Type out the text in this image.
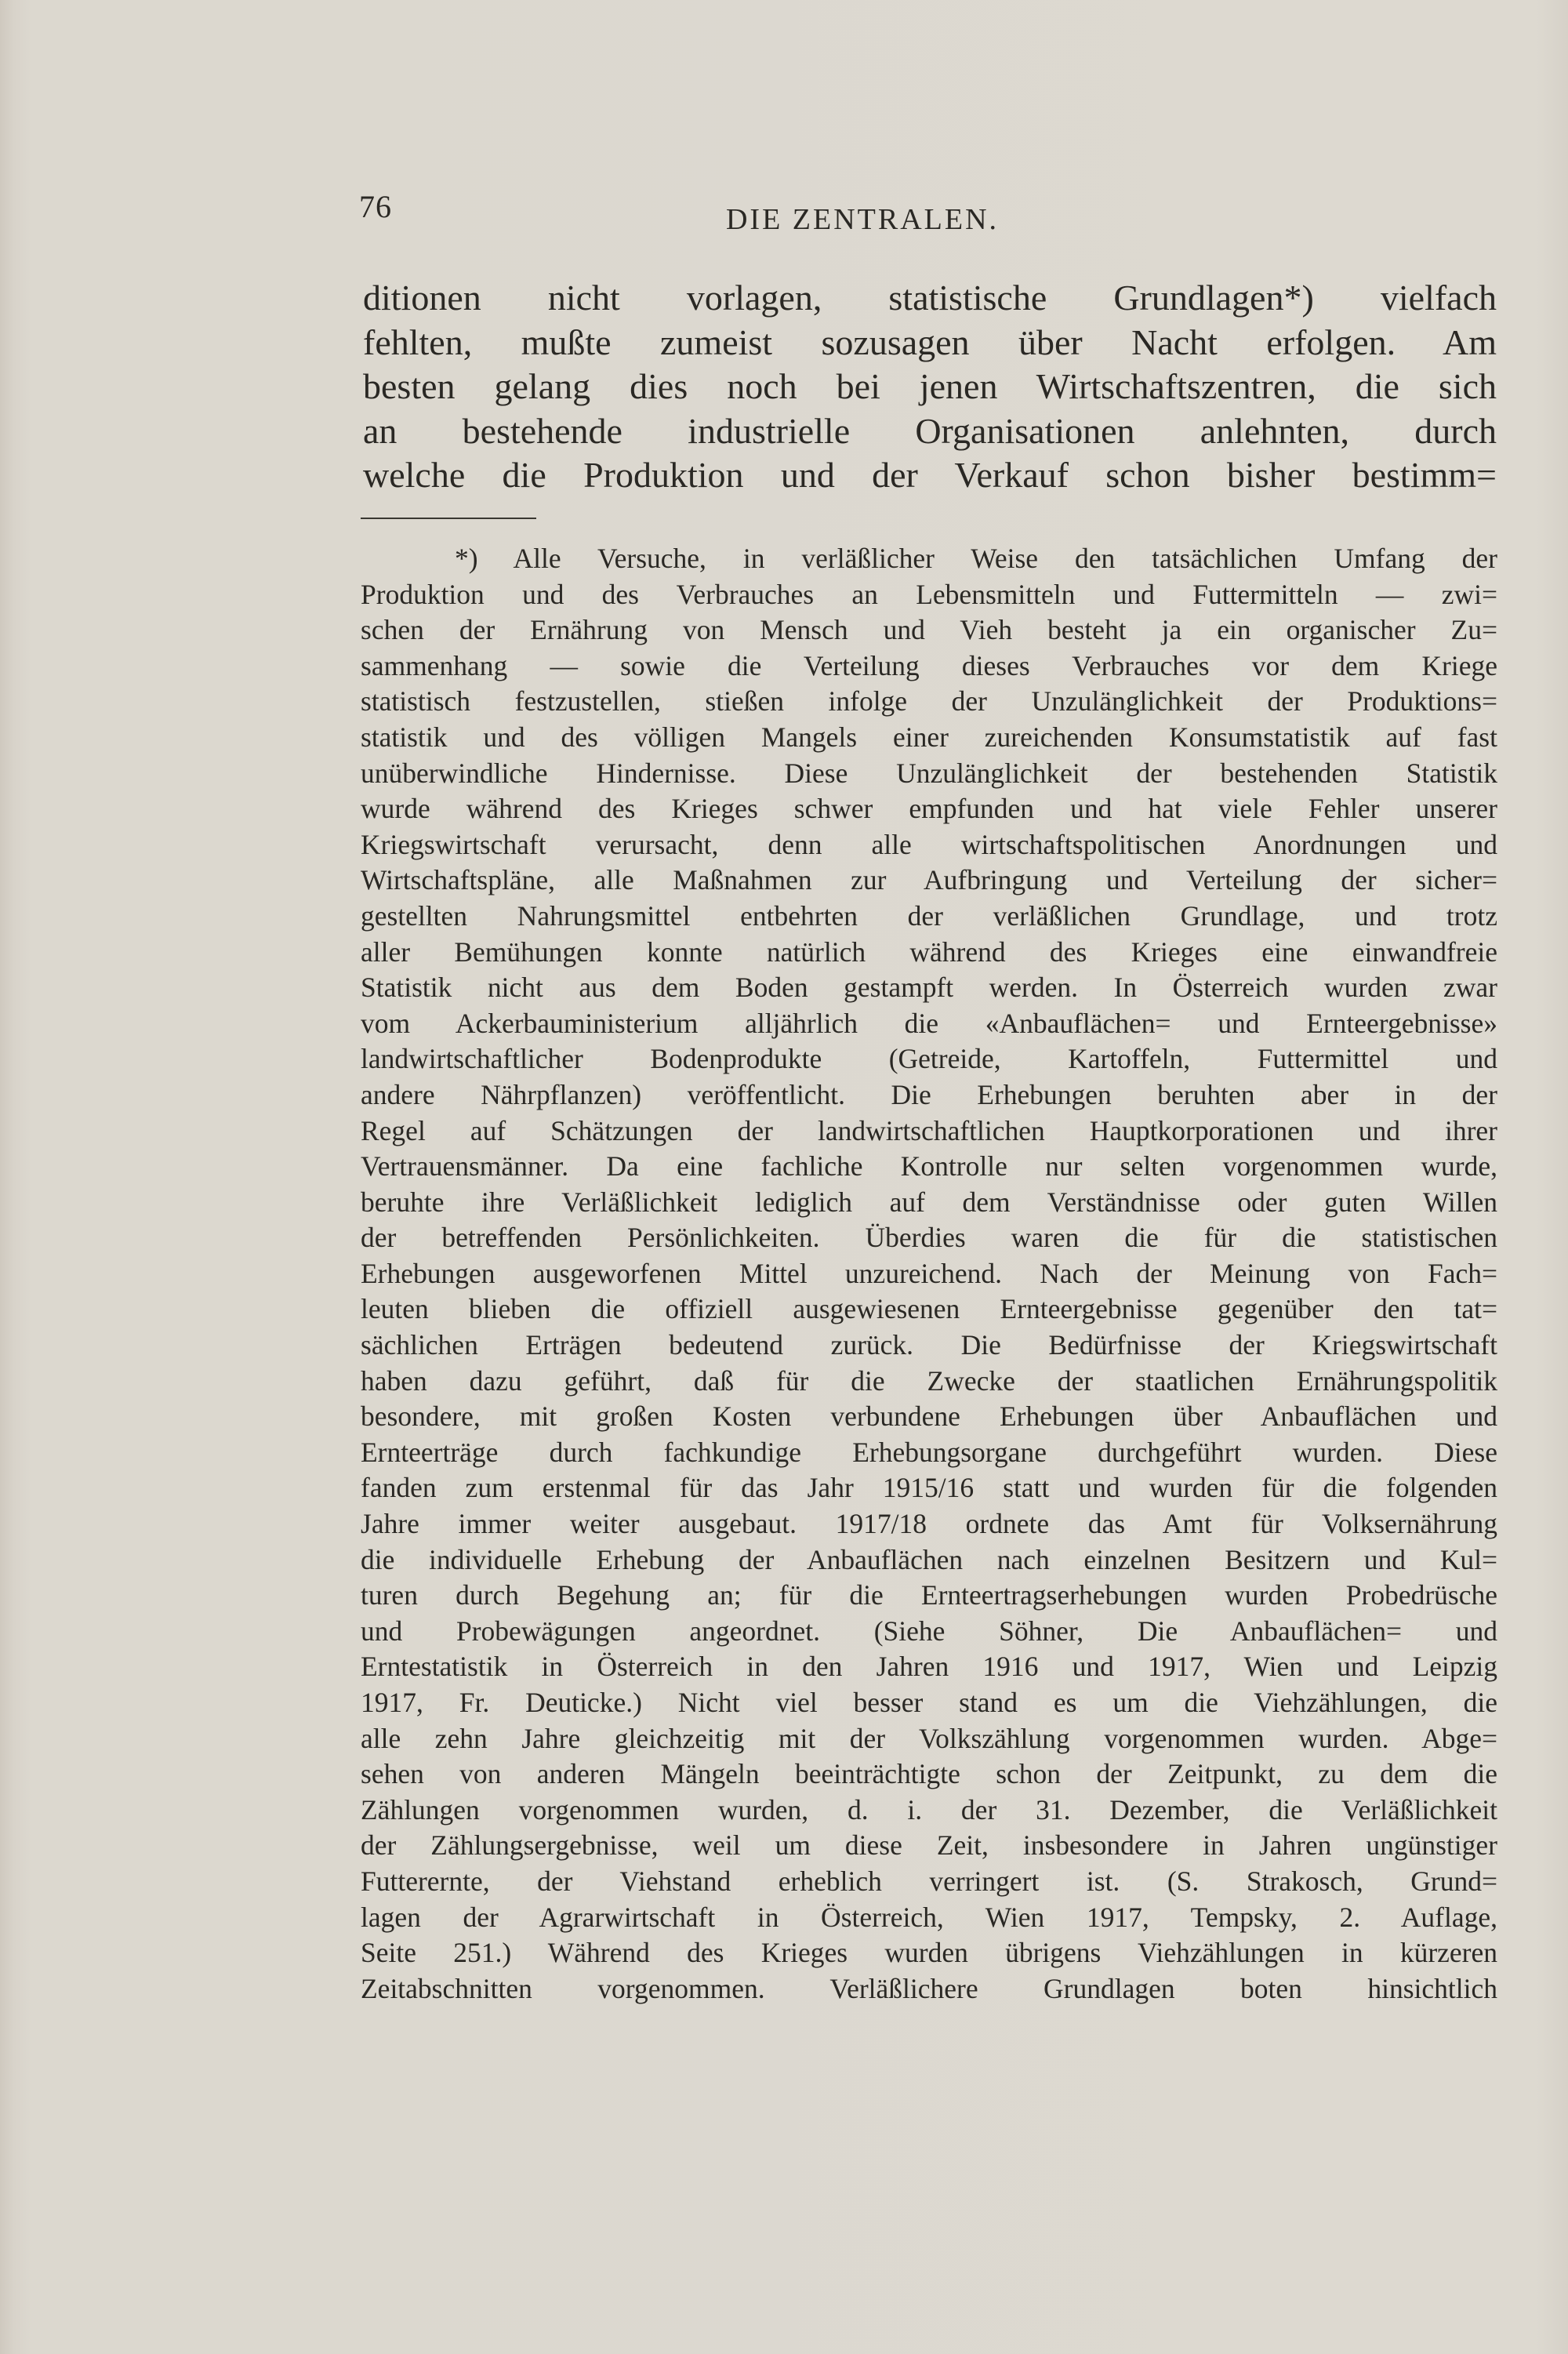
76	DIE ZENTRALEN.
ditionen nicht vorlagen, statistische Grundlagen*) vielfach
fehlten, mußte zumeist sozusagen über Nacht erfolgen. Am
besten gelang dies noch bei jenen Wirtschaftszentren, die sich
an bestehende industrielle Organisationen anlehnten, durch
welche die Produktion und der Verkauf schon bisher bestimm=
*) Alle Versuche, in verläßlicher Weise den tatsächlichen Umfang der
Produktion und des Verbrauches an Lebensmitteln und Futtermitteln — zwi=
schen der Ernährung von Mensch und Vieh besteht ja ein organischer Zu=
sammenhang — sowie die Verteilung dieses Verbrauches vor dem Kriege
statistisch festzustellen, stießen infolge der Unzulänglichkeit der Produktions=
statistik und des völligen Mangels einer zureichenden Konsumstatistik auf fast
unüberwindliche Hindernisse. Diese Unzulänglichkeit der bestehenden Statistik
wurde während des Krieges schwer empfunden und hat viele Fehler unserer
Kriegswirtschaft verursacht, denn alle wirtschaftspolitischen Anordnungen und
Wirtschaftspläne, alle Maßnahmen zur Aufbringung und Verteilung der sicher=
gestellten Nahrungsmittel entbehrten der verläßlichen Grundlage, und trotz
aller Bemühungen konnte natürlich während des Krieges eine einwandfreie
Statistik nicht aus dem Boden gestampft werden. In Österreich wurden zwar
vom Ackerbauministerium alljährlich die «Anbauflächen= und Ernteergebnisse»
landwirtschaftlicher Bodenprodukte (Getreide, Kartoffeln, Futtermittel und
andere Nährpflanzen) veröffentlicht. Die Erhebungen beruhten aber in der
Regel auf Schätzungen der landwirtschaftlichen Hauptkorporationen und ihrer
Vertrauensmänner. Da eine fachliche Kontrolle nur selten vorgenommen wurde,
beruhte ihre Verläßlichkeit lediglich auf dem Verständnisse oder guten Willen
der betreffenden Persönlichkeiten. Überdies waren die für die statistischen
Erhebungen ausgeworfenen Mittel unzureichend. Nach der Meinung von Fach=
leuten blieben die offiziell ausgewiesenen Ernteergebnisse gegenüber den tat=
sächlichen Erträgen bedeutend zurück. Die Bedürfnisse der Kriegswirtschaft
haben dazu geführt, daß für die Zwecke der staatlichen Ernährungspolitik
besondere, mit großen Kosten verbundene Erhebungen über Anbauflächen und
Ernteerträge durch fachkundige Erhebungsorgane durchgeführt wurden. Diese
fanden zum erstenmal für das Jahr 1915/16 statt und wurden für die folgenden
Jahre immer weiter ausgebaut. 1917/18 ordnete das Amt für Volksernährung
die individuelle Erhebung der Anbauflächen nach einzelnen Besitzern und Kul=
turen durch Begehung an; für die Ernteertragserhebungen wurden Probedrüsche
und Probewägungen angeordnet. (Siehe Söhner, Die Anbauflächen= und
Erntestatistik in Österreich in den Jahren 1916 und 1917, Wien und Leipzig
1917, Fr. Deuticke.) Nicht viel besser stand es um die Viehzählungen, die
alle zehn Jahre gleichzeitig mit der Volkszählung vorgenommen wurden. Abge=
sehen von anderen Mängeln beeinträchtigte schon der Zeitpunkt, zu dem die
Zählungen vorgenommen wurden, d. i. der 31. Dezember, die Verläßlichkeit
der Zählungsergebnisse, weil um diese Zeit, insbesondere in Jahren ungünstiger
Futterernte, der Viehstand erheblich verringert ist. (S. Strakosch, Grund=
lagen der Agrarwirtschaft in Österreich, Wien 1917, Tempsky, 2. Auflage,
Seite 251.) Während des Krieges wurden übrigens Viehzählungen in kürzeren
Zeitabschnitten vorgenommen. Verläßlichere Grundlagen boten hinsichtlich
